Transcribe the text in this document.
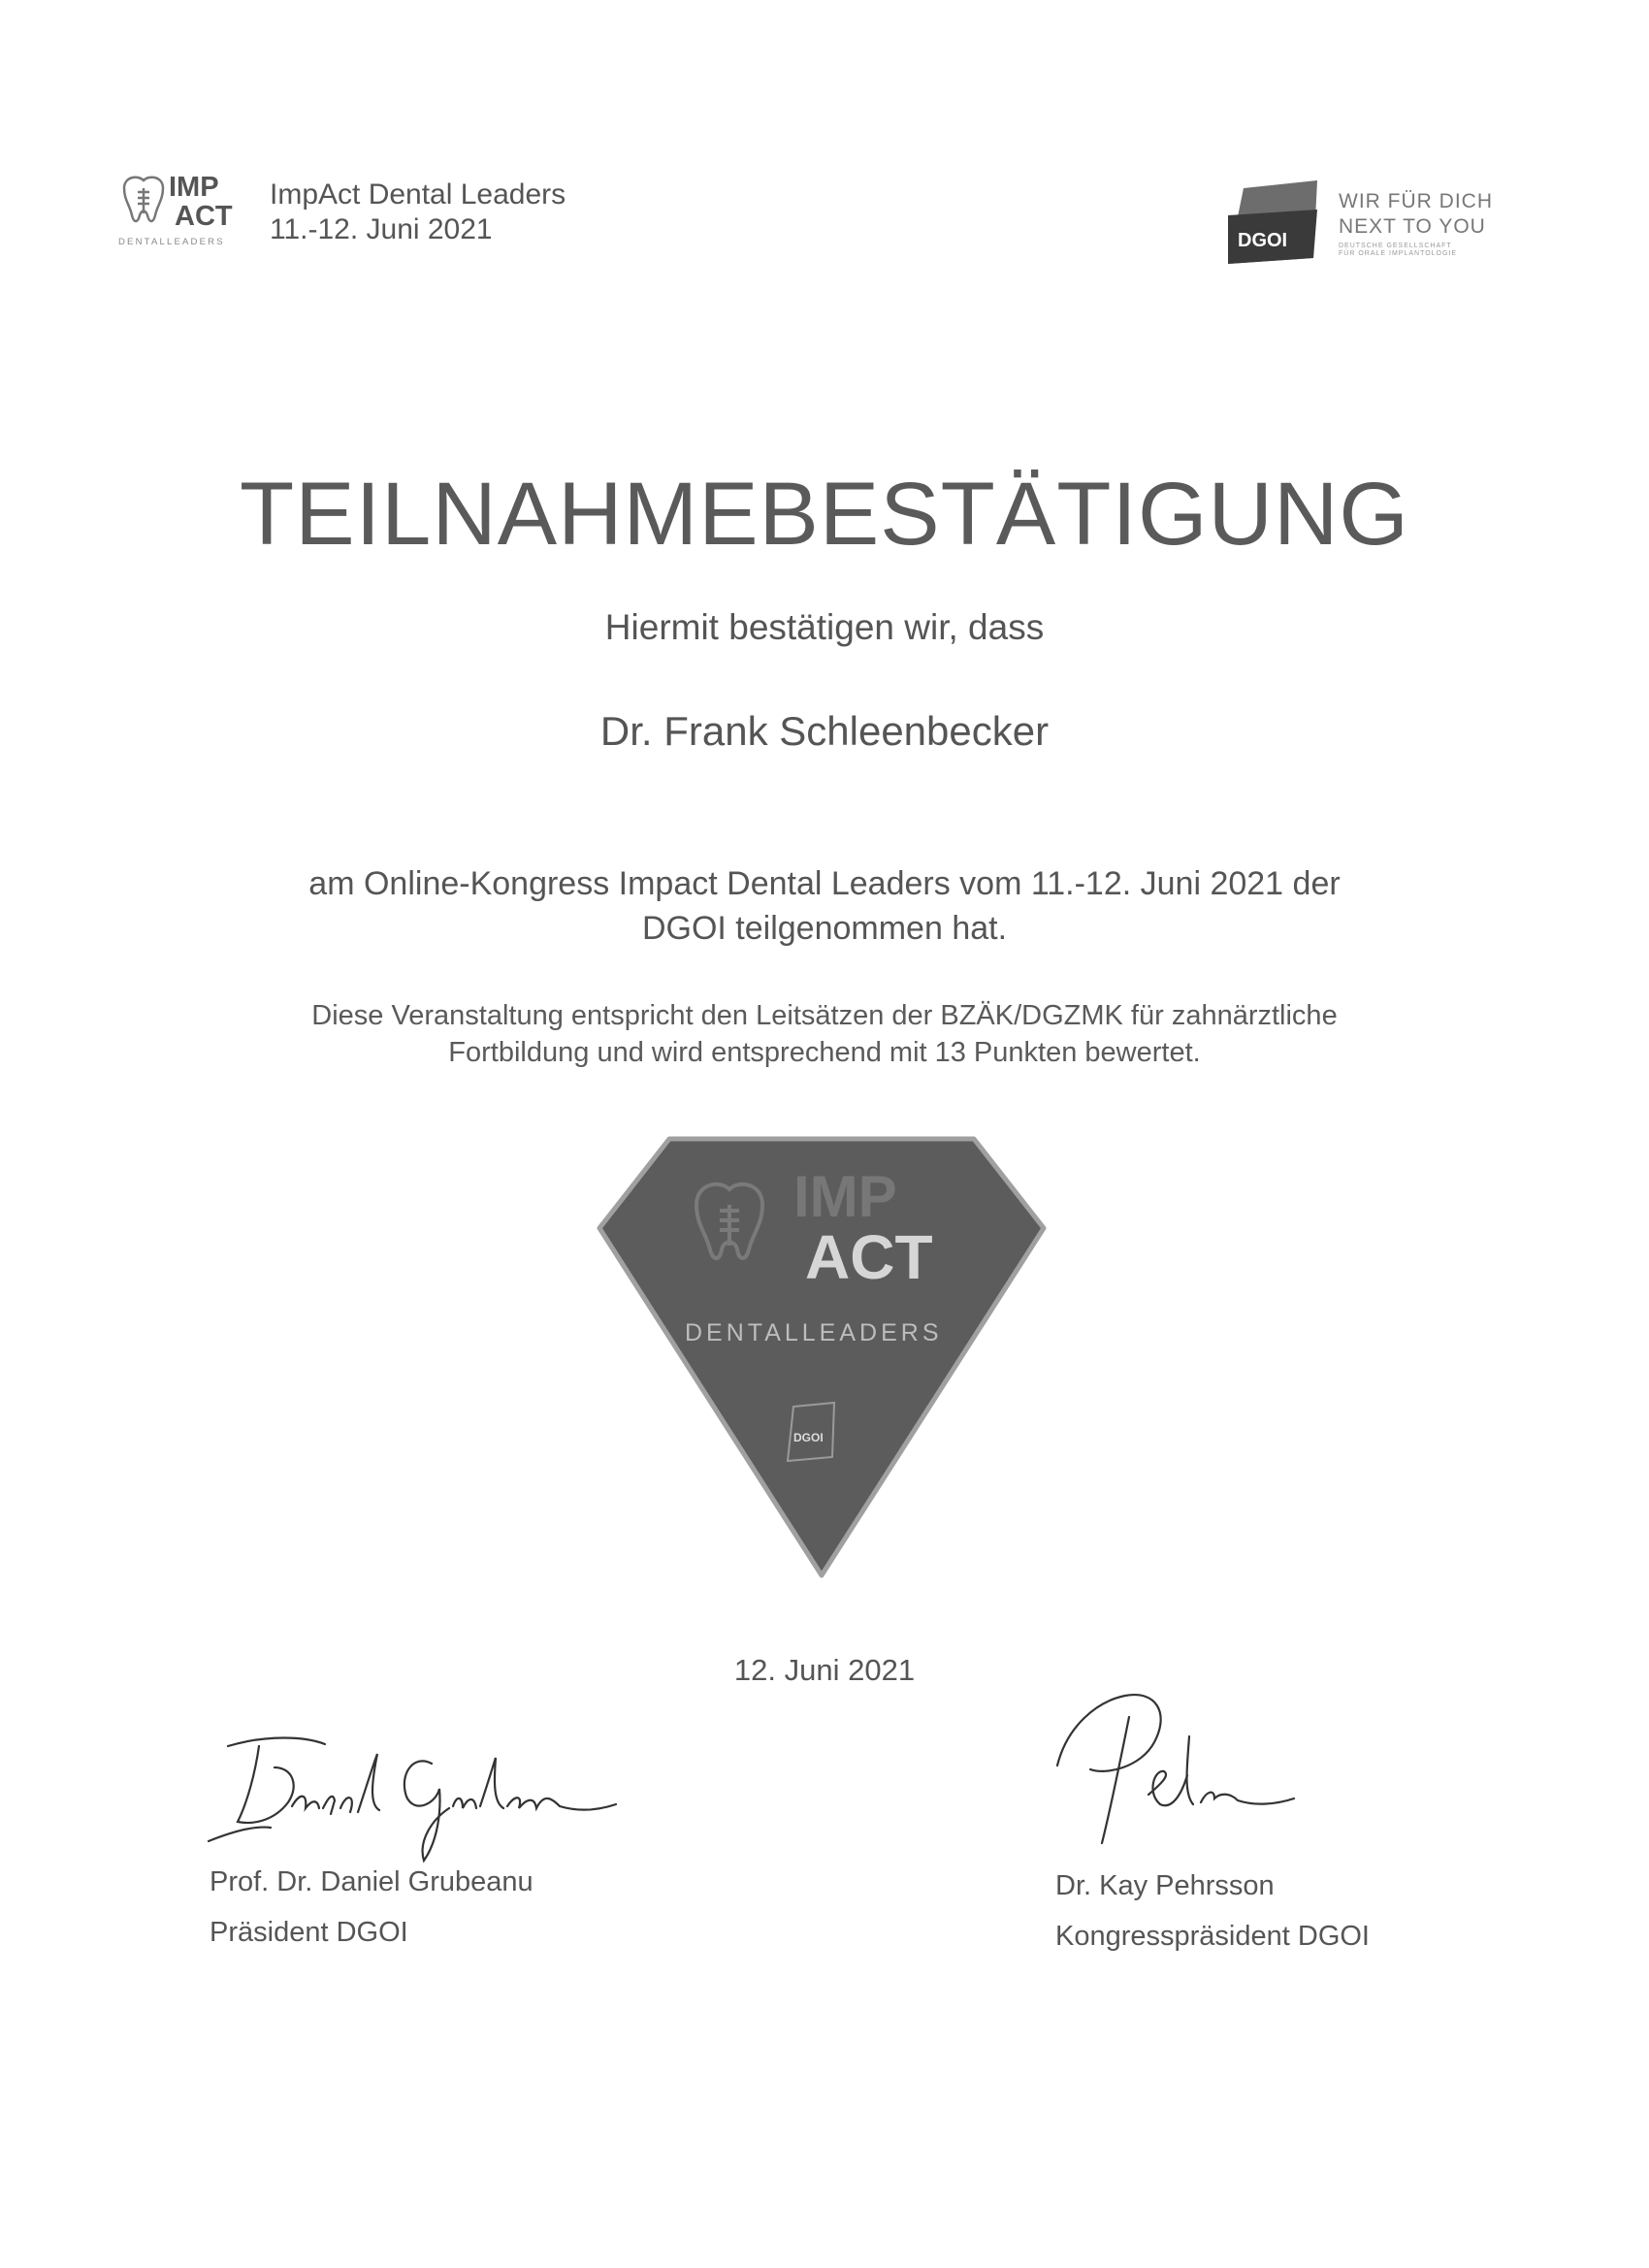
IMP
ACT
DENTALLEADERS
ImpAct Dental Leaders
11.-12. Juni 2021	DGOI
WIR FÜR DICH
NEXT TO YOU
DEUTSCHE GESELLSCHAFT
FÜR ORALE IMPLANTOLOGIE
TEILNAHMEBESTÄTIGUNG
Hiermit bestätigen wir, dass
Dr. Frank Schleenbecker
am Online-Kongress Impact Dental Leaders vom 11.-12. Juni 2021 der
DGOI teilgenommen hat.
Diese Veranstaltung entspricht den Leitsätzen der BZÄK/DGZMK für zahnärztliche
Fortbildung und wird entsprechend mit 13 Punkten bewertet.
IMP
ACT
DENTALLEADERS
DGOI
12. Juni 2021
Prof. Dr. Daniel Grubeanu
Präsident DGOI
Dr. Kay Pehrsson
Kongresspräsident DGOI
